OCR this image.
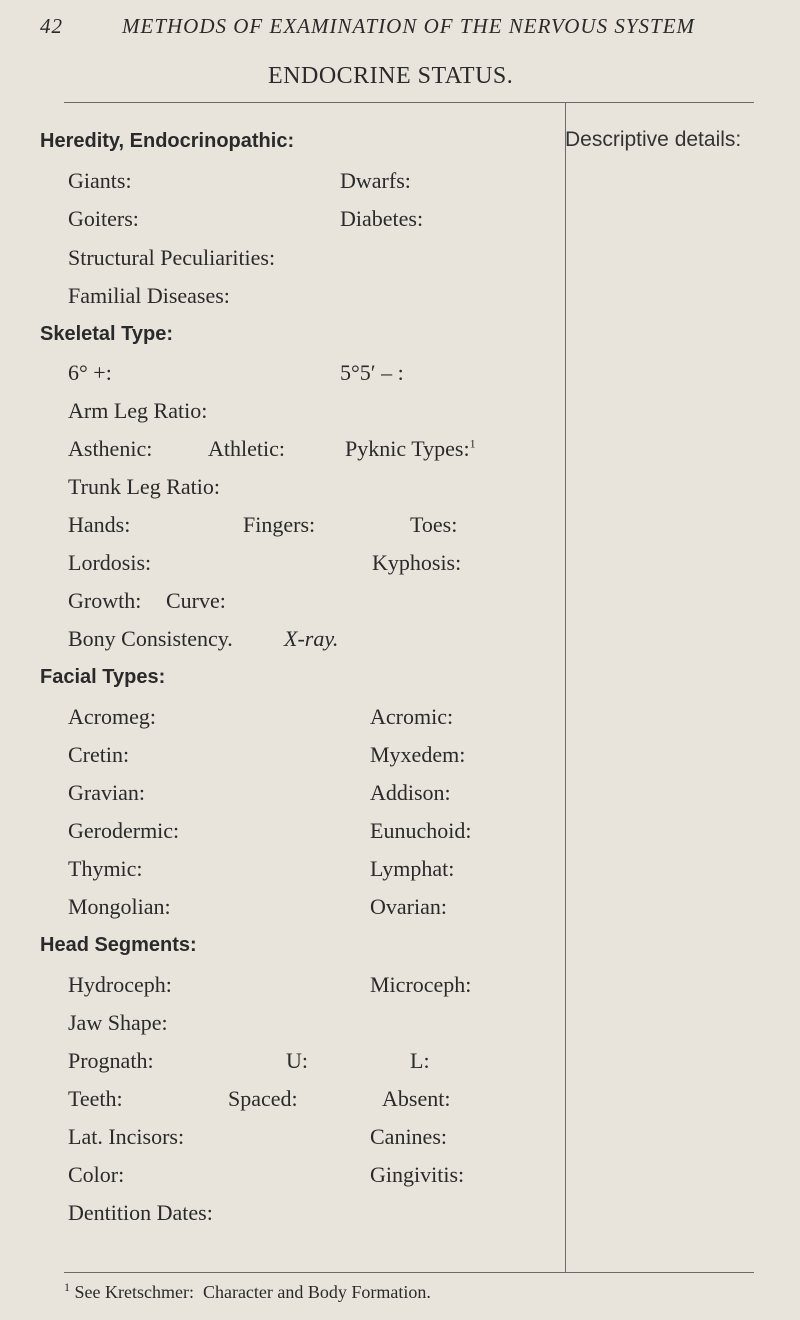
42	METHODS OF EXAMINATION OF THE NERVOUS SYSTEM
ENDOCRINE STATUS.
Descriptive details:
Heredity, Endocrinopathic:
Giants:	Dwarfs:
Goiters:	Diabetes:
Structural Peculiarities:
Familial Diseases:
Skeletal Type:
6° +:	5°5′ – :
Arm Leg Ratio:
Asthenic:	Athletic:	Pyknic Types:$^1$
Trunk Leg Ratio:
Hands:	Fingers:	Toes:
Lordosis:	Kyphosis:
Growth: Curve:
Bony Consistency. X-ray.
Facial Types:
Acromeg:	Acromic:
Cretin:	Myxedem:
Gravian:	Addison:
Gerodermic:	Eunuchoid:
Thymic:	Lymphat:
Mongolian:	Ovarian:
Head Segments:
Hydroceph:	Microceph:
Jaw Shape:
Prognath:	U:	L:
Teeth:	Spaced:	Absent:
Lat. Incisors:	Canines:
Color:	Gingivitis:
Dentition Dates:
$^1$ See Kretschmer:  Character and Body Formation.
